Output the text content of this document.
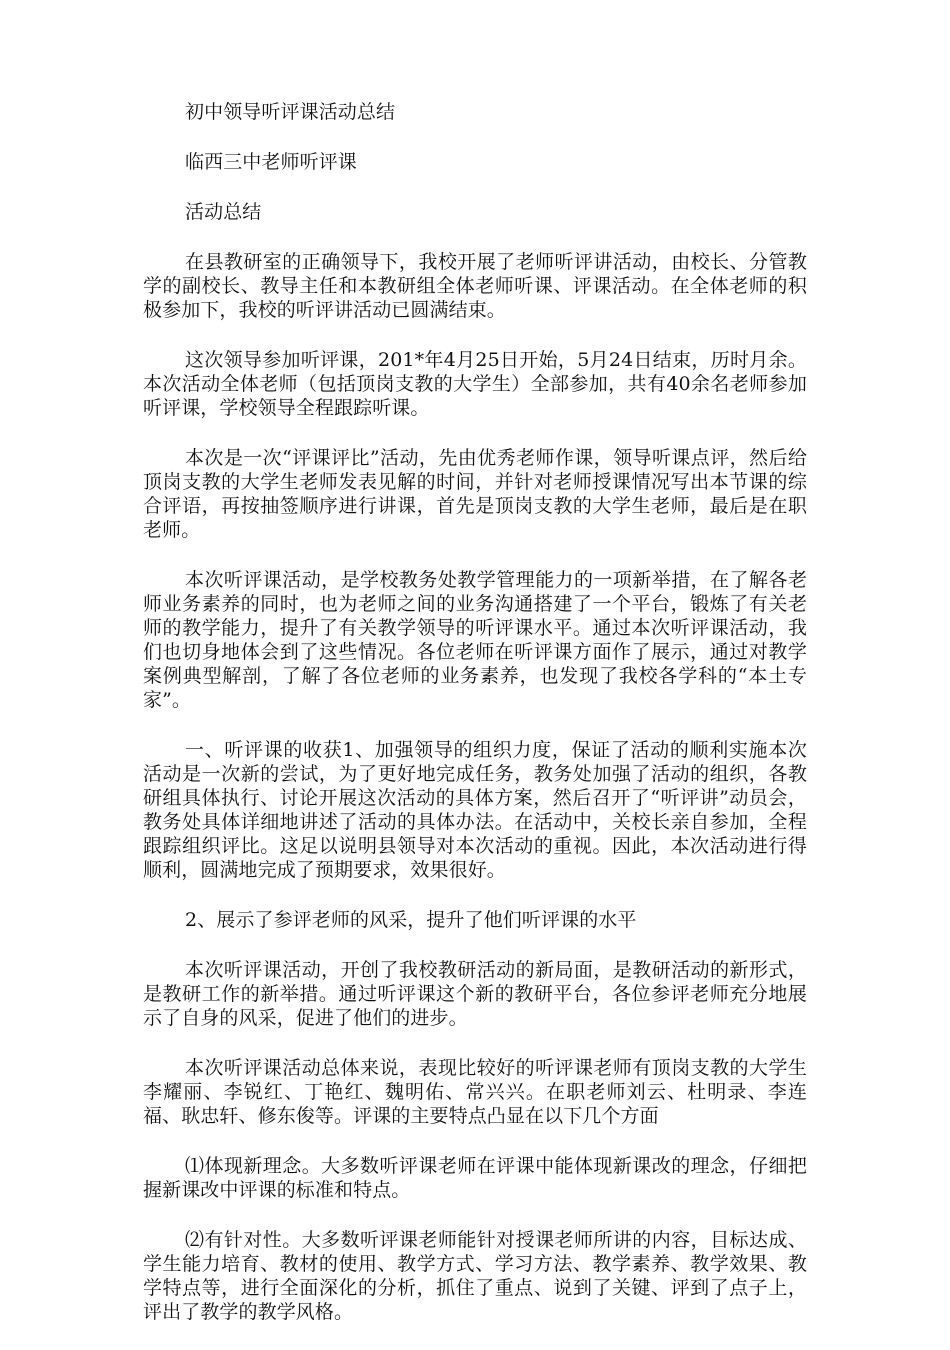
初中领导听评课活动总结

临西三中老师听评课

活动总结

在县教研室的正确领导下，我校开展了老师听评讲活动，由校长、分管教学的副校长、教导主任和本教研组全体老师听课、评课活动。在全体老师的积极参加下，我校的听评讲活动已圆满结束。

这次领导参加听评课，201*年4月25日开始，5月24日结束，历时月余。本次活动全体老师（包括顶岗支教的大学生）全部参加，共有40余名老师参加听评课，学校领导全程跟踪听课。

本次是一次“评课评比”活动，先由优秀老师作课，领导听课点评，然后给顶岗支教的大学生老师发表见解的时间，并针对老师授课情况写出本节课的综合评语，再按抽签顺序进行讲课，首先是顶岗支教的大学生老师，最后是在职老师。

本次听评课活动，是学校教务处教学管理能力的一项新举措，在了解各老师业务素养的同时，也为老师之间的业务沟通搭建了一个平台，锻炼了有关老师的教学能力，提升了有关教学领导的听评课水平。通过本次听评课活动，我们也切身地体会到了这些情况。各位老师在听评课方面作了展示，通过对教学案例典型解剖，了解了各位老师的业务素养，也发现了我校各学科的“本土专家”。

一、听评课的收获1、加强领导的组织力度，保证了活动的顺利实施本次活动是一次新的尝试，为了更好地完成任务，教务处加强了活动的组织，各教研组具体执行、讨论开展这次活动的具体方案，然后召开了“听评讲”动员会，教务处具体详细地讲述了活动的具体办法。在活动中，关校长亲自参加，全程跟踪组织评比。这足以说明县领导对本次活动的重视。因此，本次活动进行得顺利，圆满地完成了预期要求，效果很好。

2、展示了参评老师的风采，提升了他们听评课的水平

本次听评课活动，开创了我校教研活动的新局面，是教研活动的新形式，是教研工作的新举措。通过听评课这个新的教研平台，各位参评老师充分地展示了自身的风采，促进了他们的进步。

本次听评课活动总体来说，表现比较好的听评课老师有顶岗支教的大学生李耀丽、李锐红、丁艳红、魏明佑、常兴兴。在职老师刘云、杜明录、李连福、耿忠轩、修东俊等。评课的主要特点凸显在以下几个方面

⑴体现新理念。大多数听评课老师在评课中能体现新课改的理念，仔细把握新课改中评课的标准和特点。

⑵有针对性。大多数听评课老师能针对授课老师所讲的内容，目标达成、学生能力培育、教材的使用、教学方式、学习方法、教学素养、教学效果、教学特点等，进行全面深化的分析，抓住了重点、说到了关键、评到了点子上，评出了教学的教学风格。
